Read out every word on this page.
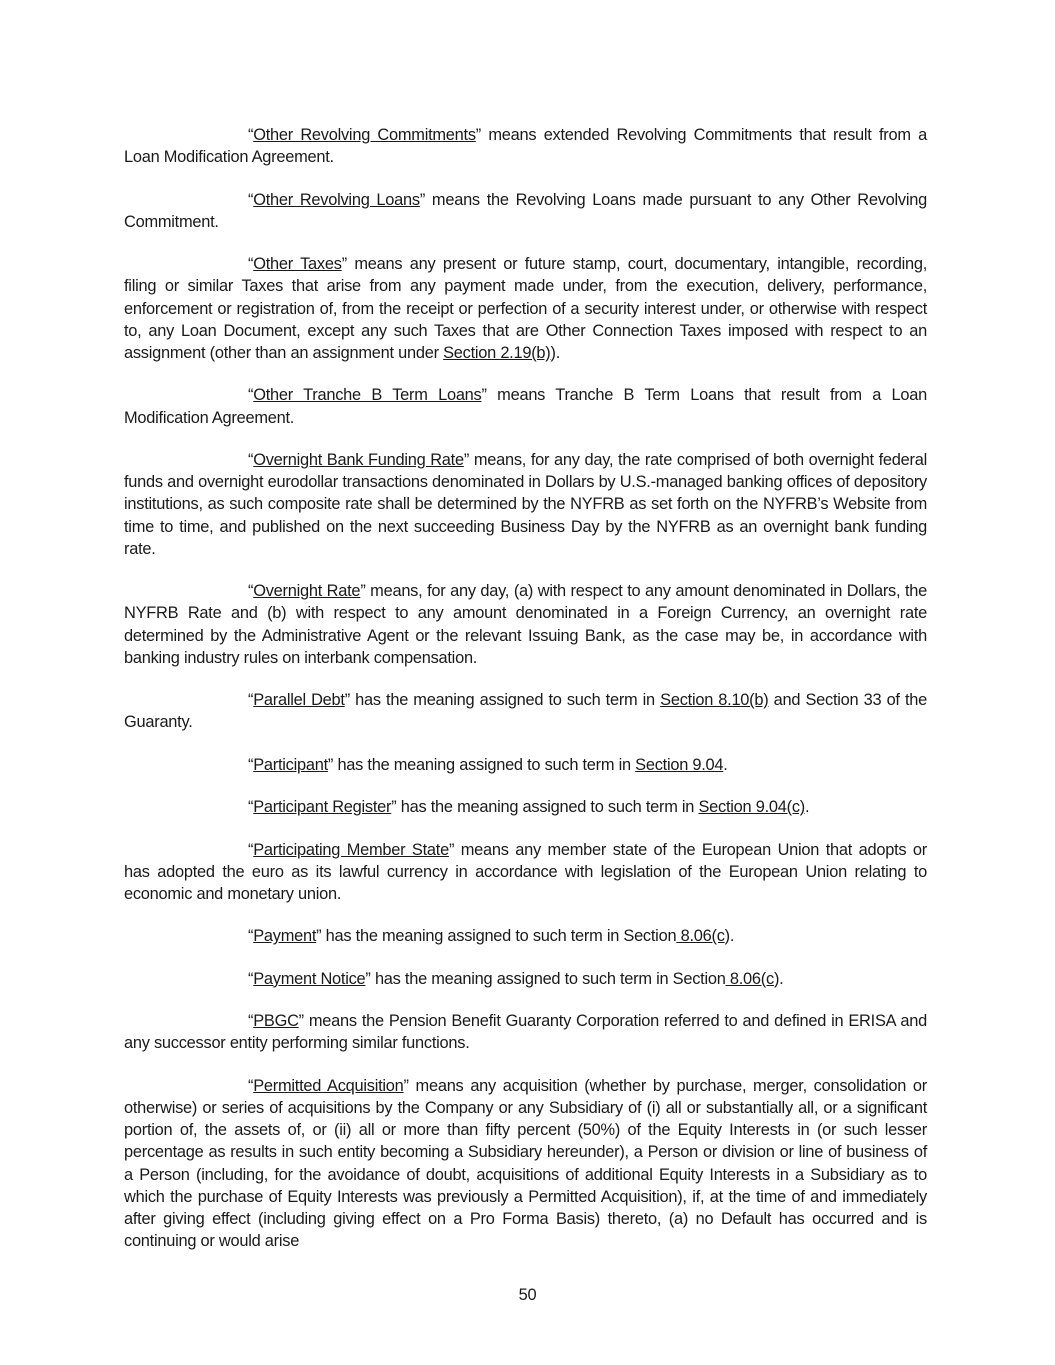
“Other Revolving Commitments” means extended Revolving Commitments that result from a Loan Modification Agreement.

“Other Revolving Loans” means the Revolving Loans made pursuant to any Other Revolving Commitment.

“Other Taxes” means any present or future stamp, court, documentary, intangible, recording, filing or similar Taxes that arise from any payment made under, from the execution, delivery, performance, enforcement or registration of, from the receipt or perfection of a security interest under, or otherwise with respect to, any Loan Document, except any such Taxes that are Other Connection Taxes imposed with respect to an assignment (other than an assignment under Section 2.19(b)).

“Other Tranche B Term Loans” means Tranche B Term Loans that result from a Loan Modification Agreement.

“Overnight Bank Funding Rate” means, for any day, the rate comprised of both overnight federal funds and overnight eurodollar transactions denominated in Dollars by U.S.-managed banking offices of depository institutions, as such composite rate shall be determined by the NYFRB as set forth on the NYFRB’s Website from time to time, and published on the next succeeding Business Day by the NYFRB as an overnight bank funding rate.

“Overnight Rate” means, for any day, (a) with respect to any amount denominated in Dollars, the NYFRB Rate and (b) with respect to any amount denominated in a Foreign Currency, an overnight rate determined by the Administrative Agent or the relevant Issuing Bank, as the case may be, in accordance with banking industry rules on interbank compensation.

“Parallel Debt” has the meaning assigned to such term in Section 8.10(b) and Section 33 of the Guaranty.

“Participant” has the meaning assigned to such term in Section 9.04.

“Participant Register” has the meaning assigned to such term in Section 9.04(c).

“Participating Member State” means any member state of the European Union that adopts or has adopted the euro as its lawful currency in accordance with legislation of the European Union relating to economic and monetary union.

“Payment” has the meaning assigned to such term in Section 8.06(c).

“Payment Notice” has the meaning assigned to such term in Section 8.06(c).

“PBGC” means the Pension Benefit Guaranty Corporation referred to and defined in ERISA and any successor entity performing similar functions.

“Permitted Acquisition” means any acquisition (whether by purchase, merger, consolidation or otherwise) or series of acquisitions by the Company or any Subsidiary of (i) all or substantially all, or a significant portion of, the assets of, or (ii) all or more than fifty percent (50%) of the Equity Interests in (or such lesser percentage as results in such entity becoming a Subsidiary hereunder), a Person or division or line of business of a Person (including, for the avoidance of doubt, acquisitions of additional Equity Interests in a Subsidiary as to which the purchase of Equity Interests was previously a Permitted Acquisition), if, at the time of and immediately after giving effect (including giving effect on a Pro Forma Basis) thereto, (a) no Default has occurred and is continuing or would arise

50
